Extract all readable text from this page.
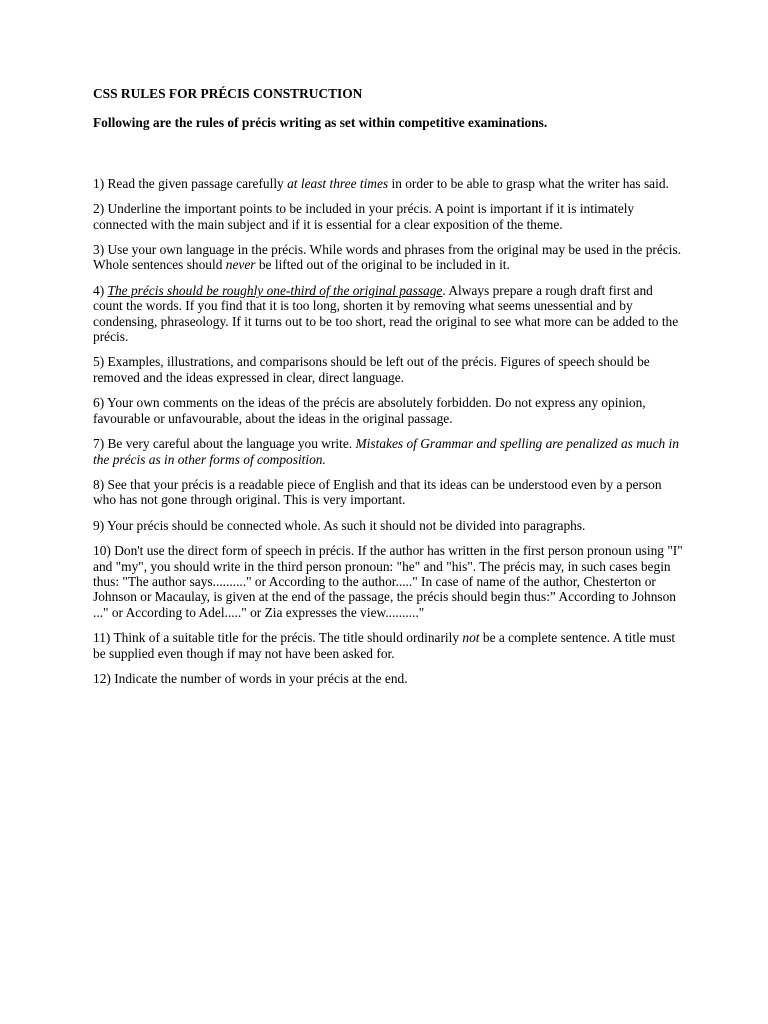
CSS RULES FOR PRÉCIS CONSTRUCTION

Following are the rules of précis writing as set within competitive examinations.

1) Read the given passage carefully at least three times in order to be able to grasp what the writer has said.

2) Underline the important points to be included in your précis. A point is important if it is intimately connected with the main subject and if it is essential for a clear exposition of the theme.

3) Use your own language in the précis. While words and phrases from the original may be used in the précis. Whole sentences should never be lifted out of the original to be included in it.

4) The précis should be roughly one-third of the original passage. Always prepare a rough draft first and count the words. If you find that it is too long, shorten it by removing what seems unessential and by condensing, phraseology. If it turns out to be too short, read the original to see what more can be added to the précis.

5) Examples, illustrations, and comparisons should be left out of the précis. Figures of speech should be removed and the ideas expressed in clear, direct language.

6) Your own comments on the ideas of the précis are absolutely forbidden. Do not express any opinion, favourable or unfavourable, about the ideas in the original passage.

7) Be very careful about the language you write. Mistakes of Grammar and spelling are penalized as much in the précis as in other forms of composition.

8) See that your précis is a readable piece of English and that its ideas can be understood even by a person who has not gone through original. This is very important.

9) Your précis should be connected whole. As such it should not be divided into paragraphs.

10) Don't use the direct form of speech in précis. If the author has written in the first person pronoun using "I" and "my", you should write in the third person pronoun: "he" and "his". The précis may, in such cases begin thus: "The author says.........." or According to the author....." In case of name of the author, Chesterton or Johnson or Macaulay, is given at the end of the passage, the précis should begin thus:” According to Johnson ..." or According to Adel....." or Zia expresses the view.........."

11) Think of a suitable title for the précis. The title should ordinarily not be a complete sentence. A title must be supplied even though if may not have been asked for.

12) Indicate the number of words in your précis at the end.
